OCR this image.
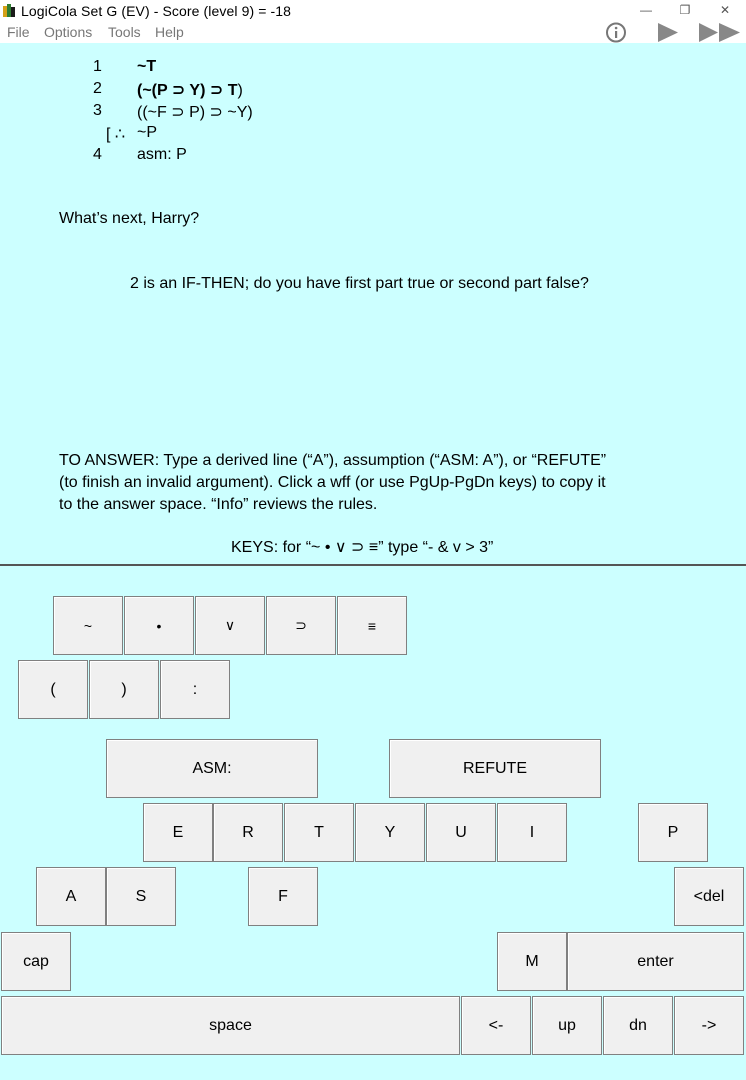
LogiCola Set G (EV) - Score (level 9) = -18	—	❐	✕
File Options Tools Help
1 ~T
2 (~(P ⊃ Y) ⊃ T)
3 ((~F ⊃ P) ⊃ ~Y)
[ ∴ ~P
4 asm: P
What’s next, Harry?
2 is an IF-THEN; do you have first part true or second part false?
TO ANSWER: Type a derived line (“A”), assumption (“ASM: A”), or “REFUTE” (to finish an invalid argument). Click a wff (or use PgUp-PgDn keys) to copy it to the answer space. “Info” reviews the rules.
KEYS: for “~ • ∨ ⊃ ≡” type “- & v > 3”
~	•	∨	⊃	≡
(	)	:
ASM:	REFUTE
E	R	T	Y	U	I	P
A	S	F	<del
cap	M	enter
space	<-	up	dn	->
